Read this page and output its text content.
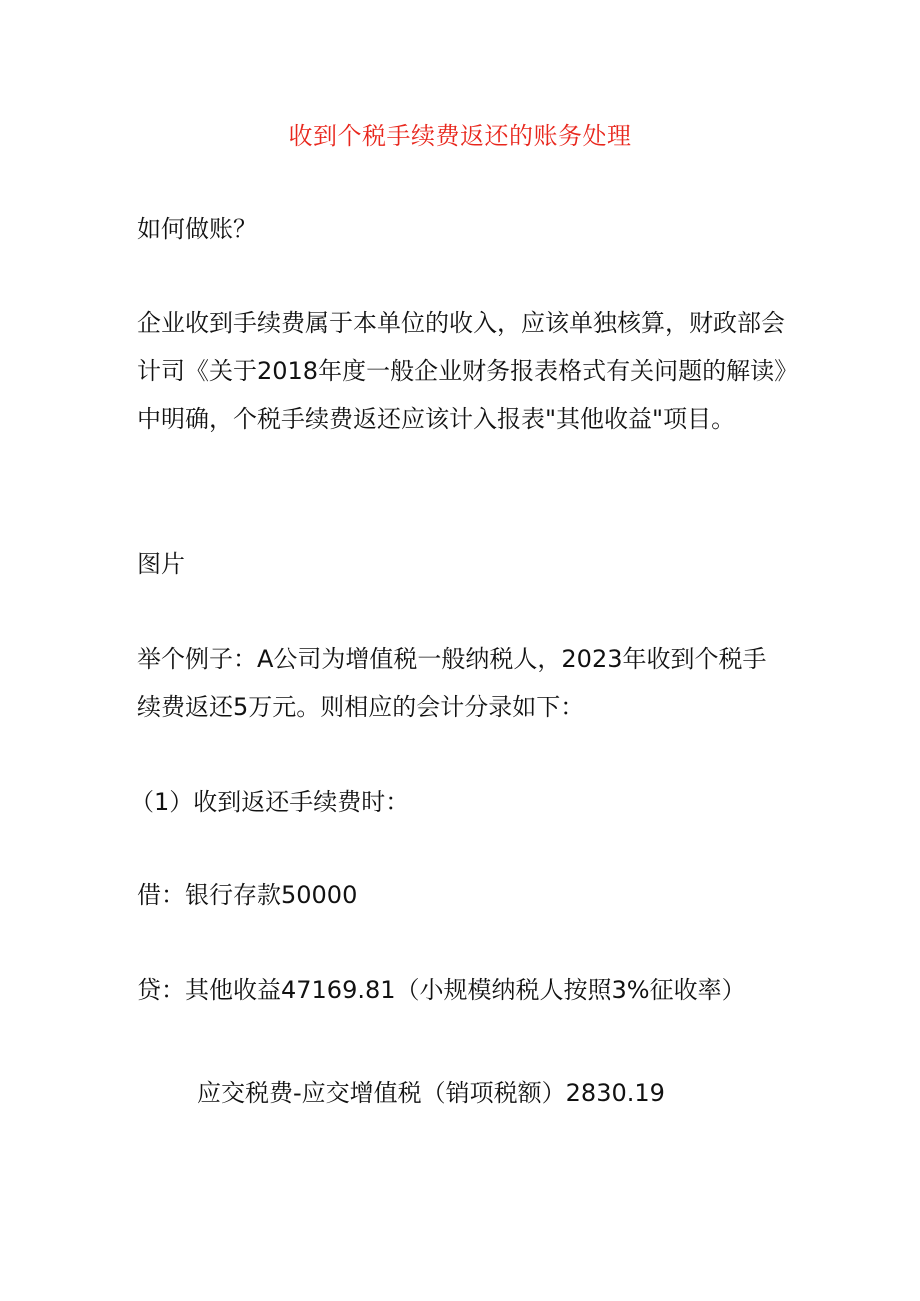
收到个税手续费返还的账务处理

如何做账？

企业收到手续费属于本单位的收入，应该单独核算，财政部会计司《关于2018年度一般企业财务报表格式有关问题的解读》中明确，个税手续费返还应该计入报表"其他收益"项目。

图片

举个例子：A公司为增值税一般纳税人，2023年收到个税手续费返还5万元。则相应的会计分录如下：

（1）收到返还手续费时：

借：银行存款50000

贷：其他收益47169.81（小规模纳税人按照3%征收率）

应交税费-应交增值税（销项税额）2830.19
